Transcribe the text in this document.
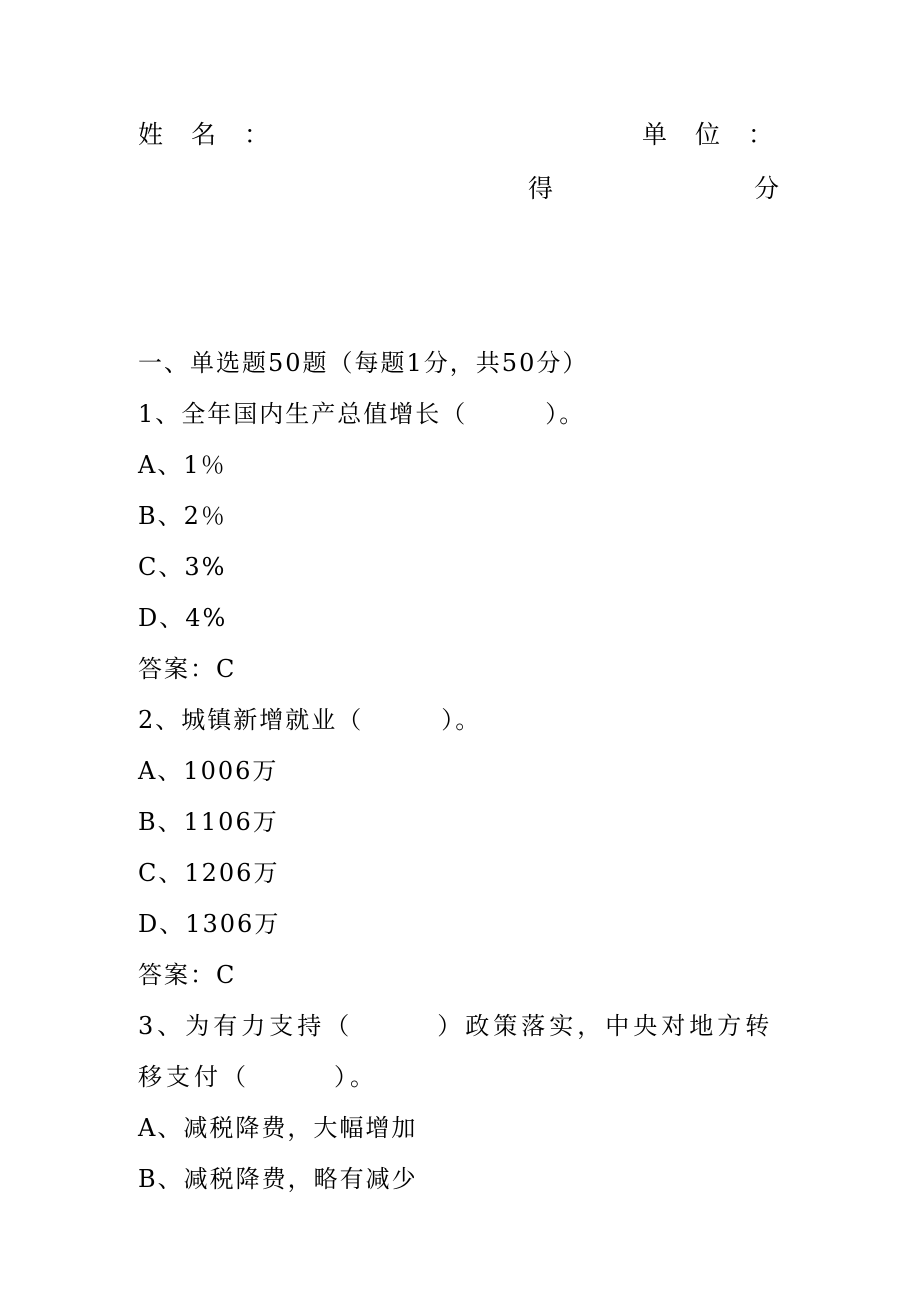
姓名：	单位：
得	分
一、单选题50题（每题1分，共50分）
1、全年国内生产总值增长（　　　）。
A、1％
B、2％
C、3%
D、4%
答案：C
2、城镇新增就业（　　　）。
A、1006万
B、1106万
C、1206万
D、1306万
答案：C
3、为有力支持（　　　）政策落实，中央对地方转移支付（　　　）。
A、减税降费，大幅增加
B、减税降费，略有减少
